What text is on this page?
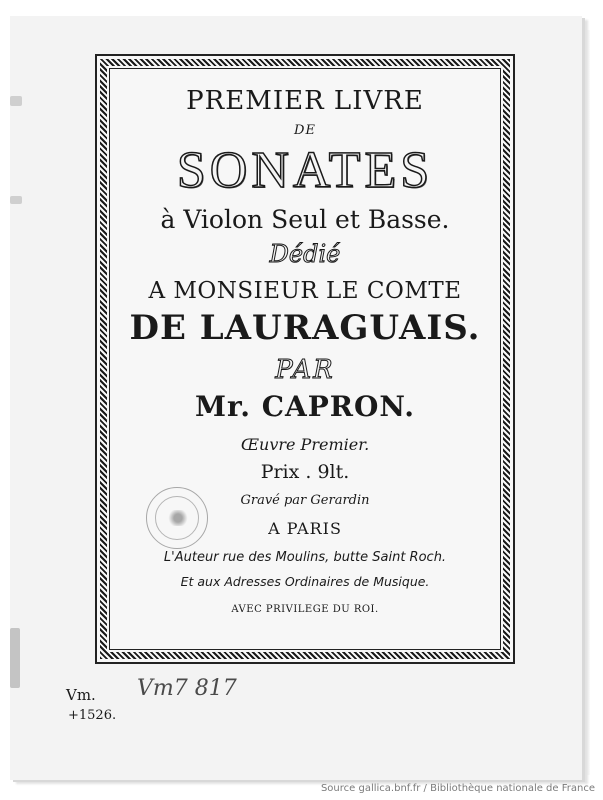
PREMIER LIVRE
DE
SONATES
à Violon Seul et Basse.
Dédié
A MONSIEUR LE COMTE
DE LAURAGUAIS.
PAR
Mr. CAPRON.
Œuvre Premier.
Prix . 9lt.
Gravé par Gerardin
A PARIS
L'Auteur rue des Moulins, butte Saint Roch.
Et aux Adresses Ordinaires de Musique.
AVEC PRIVILEGE DU ROI.
Vm.
+1526.
Vm7 817
Source gallica.bnf.fr / Bibliothèque nationale de France
